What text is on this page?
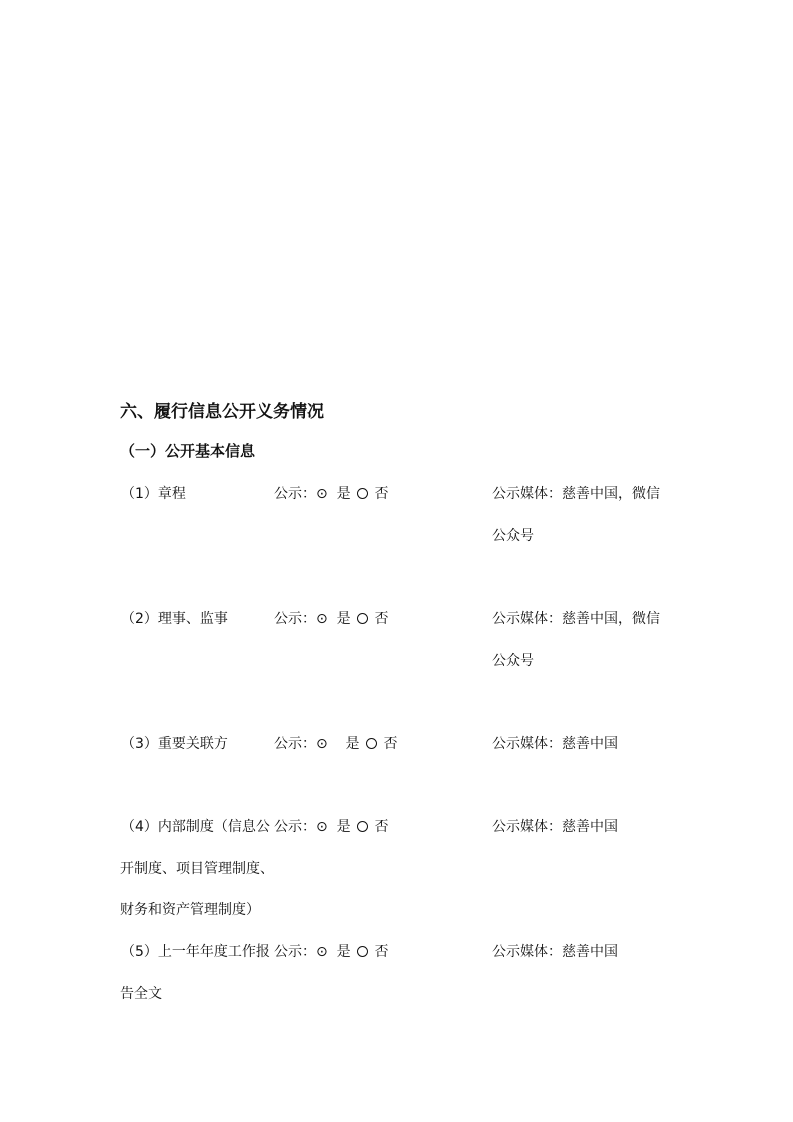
六、履行信息公开义务情况
（一）公开基本信息
（1）章程	公示：⊙ 是 否	公示媒体：慈善中国，微信
公众号
（2）理事、监事	公示：⊙ 是 否	公示媒体：慈善中国，微信
公众号
（3）重要关联方	公示：⊙ 是 否	公示媒体：慈善中国
（4）内部制度（信息公 公示：⊙ 是 否	公示媒体：慈善中国
开制度、项目管理制度、
财务和资产管理制度）
（5）上一年年度工作报 公示：⊙ 是 否	公示媒体：慈善中国
告全文
